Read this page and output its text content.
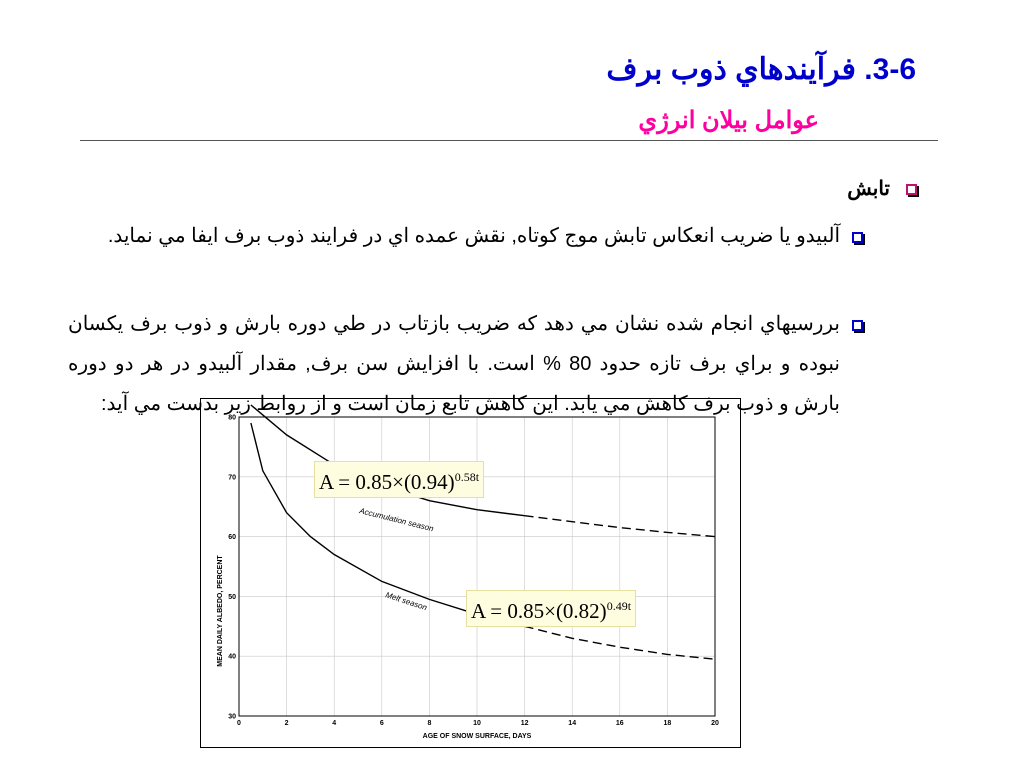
3-6. فرآيندهاي ذوب برف
عوامل بيلان انرژي
تابش
آلبيدو يا ضريب انعكاس تابش موج كوتاه, نقش عمده اي در فرايند ذوب برف ايفا مي نمايد.
0	2	4	6	8	10	12	14	16	18	20
30
40
50
60
70
80
AGE OF SNOW SURFACE, DAYS
MEAN DAILY ALBEDO, PERCENT
Accumulation season
Melt season
بررسيهاي انجام شده نشان مي دهد كه ضريب بازتاب در طي دوره بارش و ذوب برف يكسان نبوده و براي برف تازه حدود 80 % است. با افزايش سن برف, مقدار آلبيدو در هر دو دوره بارش و ذوب برف كاهش مي يابد. اين كاهش تابع زمان است و از روابط زير بدست مي آيد:
$A = 0.85\times(0.94)^{0.58t}$
$A = 0.85\times(0.82)^{0.49t}$
